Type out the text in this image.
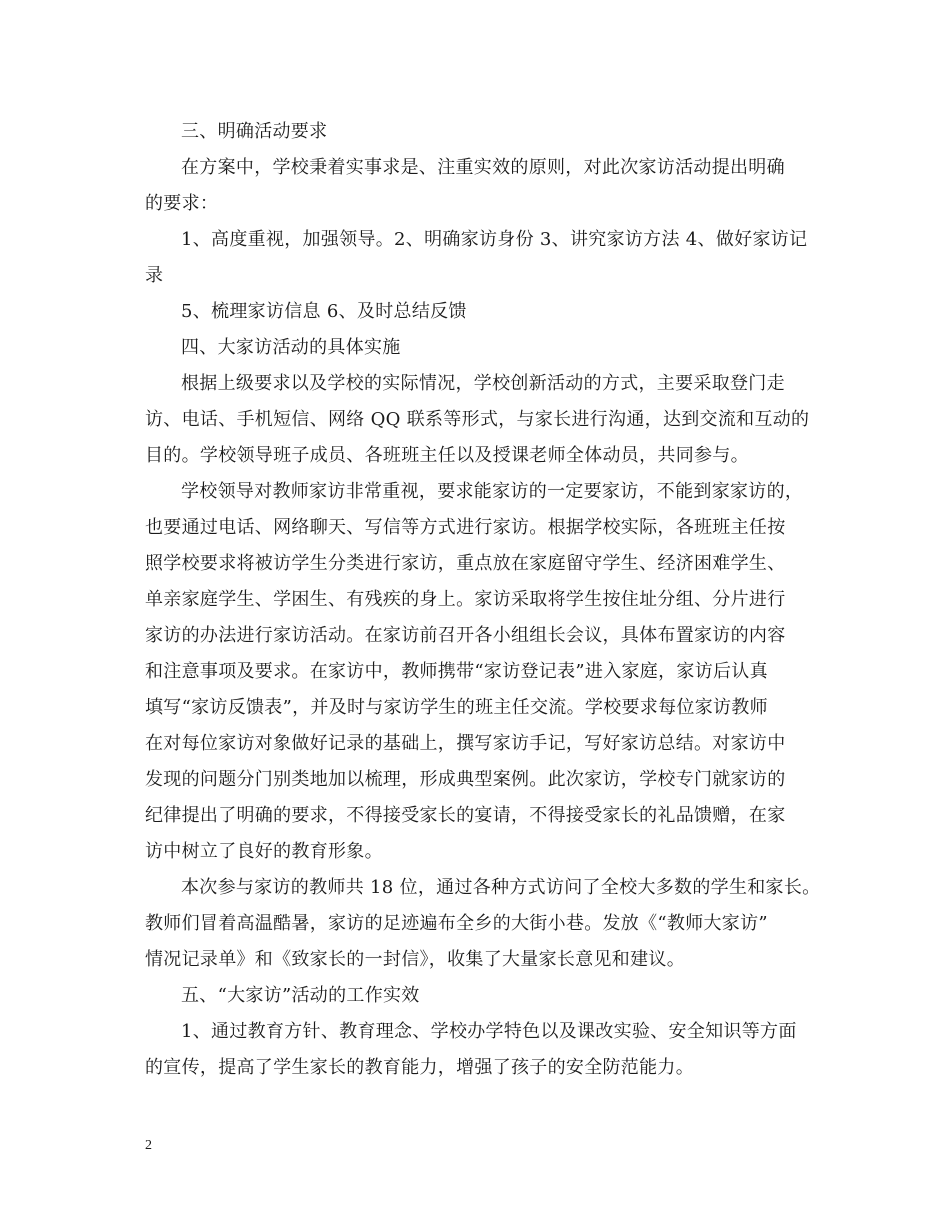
三、明确活动要求
在方案中，学校秉着实事求是、注重实效的原则，对此次家访活动提出明确
的要求：
1、高度重视，加强领导。2、明确家访身份 3、讲究家访方法 4、做好家访记
录
5、梳理家访信息 6、及时总结反馈
四、大家访活动的具体实施
根据上级要求以及学校的实际情况，学校创新活动的方式，主要采取登门走
访、电话、手机短信、网络 QQ 联系等形式，与家长进行沟通，达到交流和互动的
目的。学校领导班子成员、各班班主任以及授课老师全体动员，共同参与。
学校领导对教师家访非常重视，要求能家访的一定要家访，不能到家家访的，
也要通过电话、网络聊天、写信等方式进行家访。根据学校实际，各班班主任按
照学校要求将被访学生分类进行家访，重点放在家庭留守学生、经济困难学生、
单亲家庭学生、学困生、有残疾的身上。家访采取将学生按住址分组、分片进行
家访的办法进行家访活动。在家访前召开各小组组长会议，具体布置家访的内容
和注意事项及要求。在家访中，教师携带“家访登记表”进入家庭，家访后认真
填写“家访反馈表”，并及时与家访学生的班主任交流。学校要求每位家访教师
在对每位家访对象做好记录的基础上，撰写家访手记，写好家访总结。对家访中
发现的问题分门别类地加以梳理，形成典型案例。此次家访，学校专门就家访的
纪律提出了明确的要求，不得接受家长的宴请，不得接受家长的礼品馈赠，在家
访中树立了良好的教育形象。
本次参与家访的教师共 18 位，通过各种方式访问了全校大多数的学生和家长。
教师们冒着高温酷暑，家访的足迹遍布全乡的大街小巷。发放《“教师大家访”
情况记录单》和《致家长的一封信》，收集了大量家长意见和建议。
五、“大家访”活动的工作实效
1、通过教育方针、教育理念、学校办学特色以及课改实验、安全知识等方面
的宣传，提高了学生家长的教育能力，增强了孩子的安全防范能力。
2
